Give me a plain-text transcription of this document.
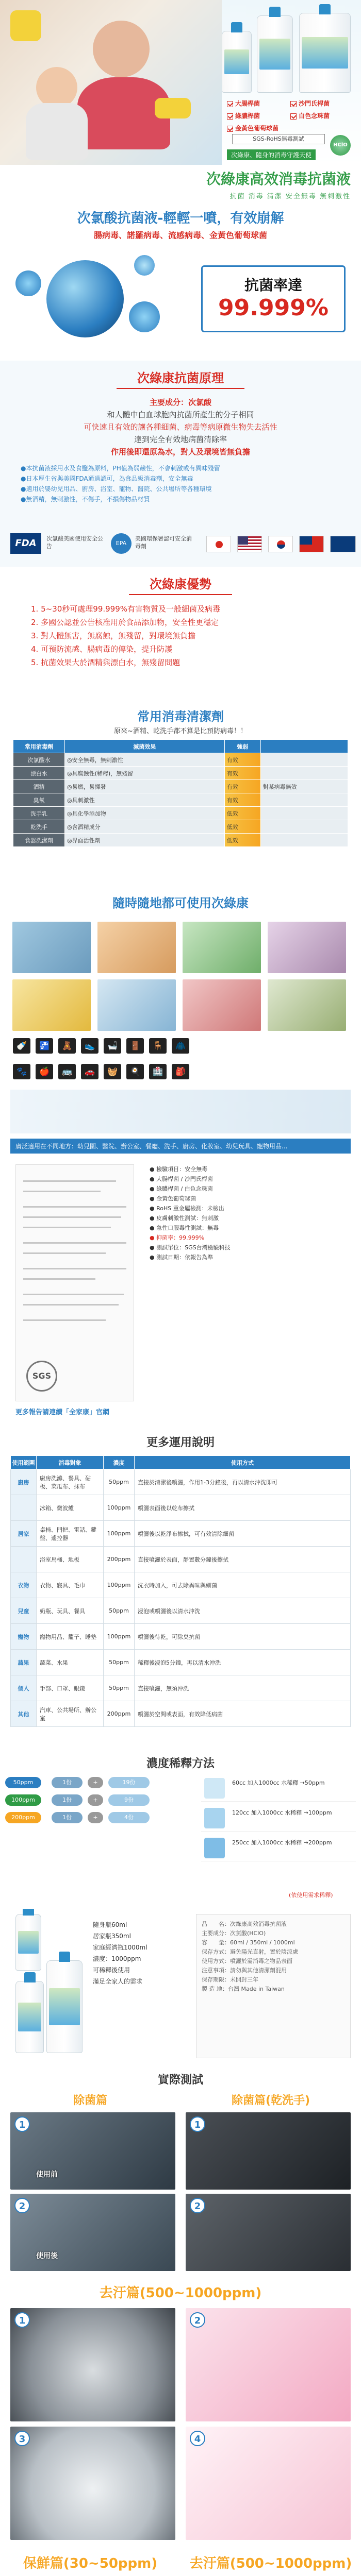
大腸桿菌	沙門氏桿菌 綠膿桿菌	白色念珠菌 金黃色葡萄球菌
SGS-RoHS無毒測試
次綠康、隨身的消毒守護天使
HClO
次綠康高效消毒抗菌液
抗菌 消毒 清潔 安全無毒 無刺激性
次氯酸抗菌液-輕輕一噴，有效崩解
腸病毒、諾羅病毒、流感病毒、金黃色葡萄球菌
抗菌率達
99.999%
次綠康抗菌原理
主要成分：次氯酸
和人體中白血球胞內抗菌所產生的分子相同
可快速且有效的讓各種細菌、病毒等病原微生物失去活性
達到完全有效地病菌清除率
作用後即還原為水，對人及環境皆無負擔
●本抗菌液採用水及食鹽為原料，PH值為弱鹼性，不會刺激或有異味殘留
●日本厚生省與美國FDA通過認可，為食品級消毒劑，安全無毒
●適用於嬰幼兒用品、廚房、浴室、寵物、醫院、公共場所等各種環境
●無酒精，無刺激性，不傷手，不損傷物品材質
FDA	次氯酸美國使用安全公告	EPA
美國環保署認可安全消毒劑
次綠康優勢
1. 5~30秒可處理99.999%有害物質及一般細菌及病毒
2. 多國公認並公告核准用於食品添加物，安全性更穩定
3. 對人體無害，無腐蝕，無殘留，對環境無負擔
4. 可預防流感、腸病毒的傳染，提升防護
5. 抗菌效果大於酒精與漂白水，無殘留問題
常用消毒清潔劑
原來~酒精、乾洗手都不算是比預防病毒！！
常用消毒劑	滅菌效果	強弱	
次氯酸水	◎安全無毒，無刺激性	有效	
漂白水	◎具腐蝕性(稀釋)，無殘留	有效	
酒精	◎易燃，易揮發	有效	對某病毒無效
臭氧	◎具刺激性	有效	
洗手乳	◎具化學添加物	低效	
乾洗手	◎含酒精成分	低效	
食器洗潔劑	◎界面活性劑	低效	
隨時隨地都可使用次綠康

🍼 🚰 🧸 👟 🛁 🚪 🪑 🧥
🐾 🍎 🚌 🚗 🧺 🍳 🏥 🎒
廣泛適用在不同地方：幼兒園、醫院、辦公室、餐廳、洗手、廚房、化妝室、幼兒玩具、寵物用品...
SGS
● 檢驗項目：安全無毒
● 大腸桿菌 / 沙門氏桿菌
● 綠膿桿菌 / 白色念珠菌
● 金黃色葡萄球菌
● RoHS 重金屬檢測：未檢出
● 皮膚刺激性測試：無刺激
● 急性口服毒性測試：無毒
● 抑菌率：99.999%
● 測試單位：SGS台灣檢驗科技
● 測試日期：依報告為準
更多報告請連續「全家康」官網
更多運用說明
使用範圍	消毒對象	濃度	使用方式
廚房	廚房洗滌、餐具、砧板、菜瓜布、抹布	50ppm	直接於清潔後噴灑，作用1-3分鐘後，再以清水沖洗即可
	冰箱、微波爐	100ppm	噴灑表面後以乾布擦拭
居家	桌椅、門把、電話、鍵盤、遙控器	100ppm	噴灑後以乾淨布擦拭，可有效清除細菌
	浴室馬桶、地板	200ppm	直接噴灑於表面，靜置數分鐘後擦拭
衣物	衣物、寢具、毛巾	100ppm	洗衣時加入，可去除異味與細菌
兒童	奶瓶、玩具、餐具	50ppm	浸泡或噴灑後以清水沖洗
寵物	寵物用品、籠子、睡墊	100ppm	噴灑後待乾，可除臭抗菌
蔬果	蔬菜、水果	50ppm	稀釋後浸泡5分鐘，再以清水沖洗
個人	手部、口罩、眼鏡	50ppm	直接噴灑，無須沖洗
其他	汽車、公共場所、辦公室	200ppm	噴灑於空間或表面，有效降低病菌
濃度稀釋方法
50ppm	1份	+	19份
100ppm	1份	+	9份
200ppm	1份	+	4份
60cc 加入1000cc 水稀釋 →50ppm
120cc 加入1000cc 水稀釋 →100ppm
250cc 加入1000cc 水稀釋 →200ppm
(依使用需求稀釋)
隨身瓶60ml
居家瓶350ml
家庭經濟瓶1000ml
濃度：1000ppm
可稀釋後使用
滿足全家人的需求
品　　名：次綠康高效消毒抗菌液
主要成分：次氯酸(HClO)
容　　量：60ml / 350ml / 1000ml
保存方式：避免陽光直射，置於陰涼處
使用方式：噴灑於需消毒之物品表面
注意事項：請勿與其他清潔劑混用
保存期限：未開封三年
製 造 地：台灣 Made in Taiwan
實際測試
除菌篇	除菌篇(乾洗手)
1
使用前
2
使用後
1
2
去汙篇(500~1000ppm)
1	2
3	4
保鮮篇(30~50ppm)	去汙篇(500~1000ppm)
